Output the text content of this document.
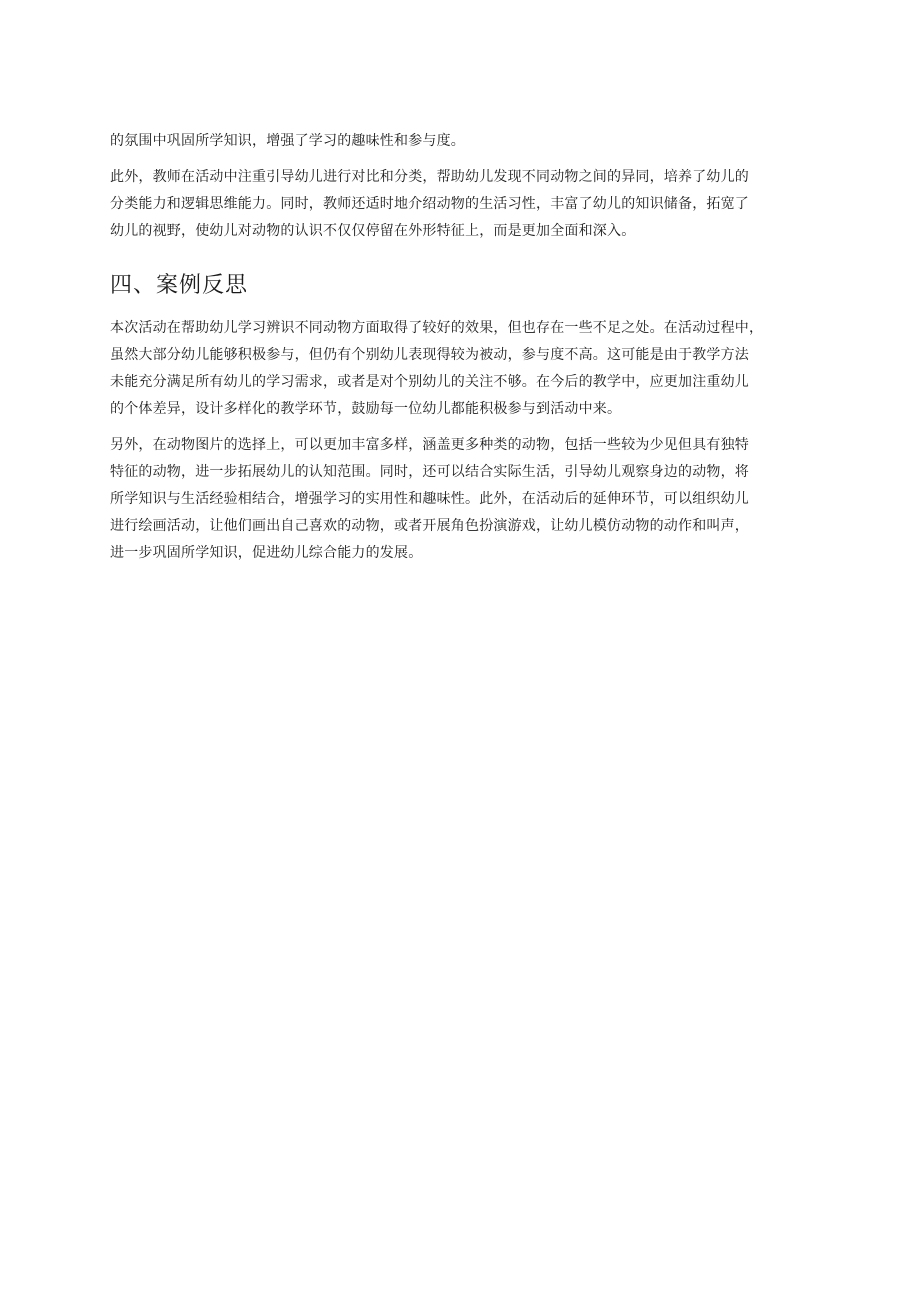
的氛围中巩固所学知识，增强了学习的趣味性和参与度。

此外，教师在活动中注重引导幼儿进行对比和分类，帮助幼儿发现不同动物之间的异同，培养了幼儿的
分类能力和逻辑思维能力。同时，教师还适时地介绍动物的生活习性，丰富了幼儿的知识储备，拓宽了
幼儿的视野，使幼儿对动物的认识不仅仅停留在外形特征上，而是更加全面和深入。

四、案例反思

本次活动在帮助幼儿学习辨识不同动物方面取得了较好的效果，但也存在一些不足之处。在活动过程中，
虽然大部分幼儿能够积极参与，但仍有个别幼儿表现得较为被动，参与度不高。这可能是由于教学方法
未能充分满足所有幼儿的学习需求，或者是对个别幼儿的关注不够。在今后的教学中，应更加注重幼儿
的个体差异，设计多样化的教学环节，鼓励每一位幼儿都能积极参与到活动中来。

另外，在动物图片的选择上，可以更加丰富多样，涵盖更多种类的动物，包括一些较为少见但具有独特
特征的动物，进一步拓展幼儿的认知范围。同时，还可以结合实际生活，引导幼儿观察身边的动物，将
所学知识与生活经验相结合，增强学习的实用性和趣味性。此外，在活动后的延伸环节，可以组织幼儿
进行绘画活动，让他们画出自己喜欢的动物，或者开展角色扮演游戏，让幼儿模仿动物的动作和叫声，
进一步巩固所学知识，促进幼儿综合能力的发展。
